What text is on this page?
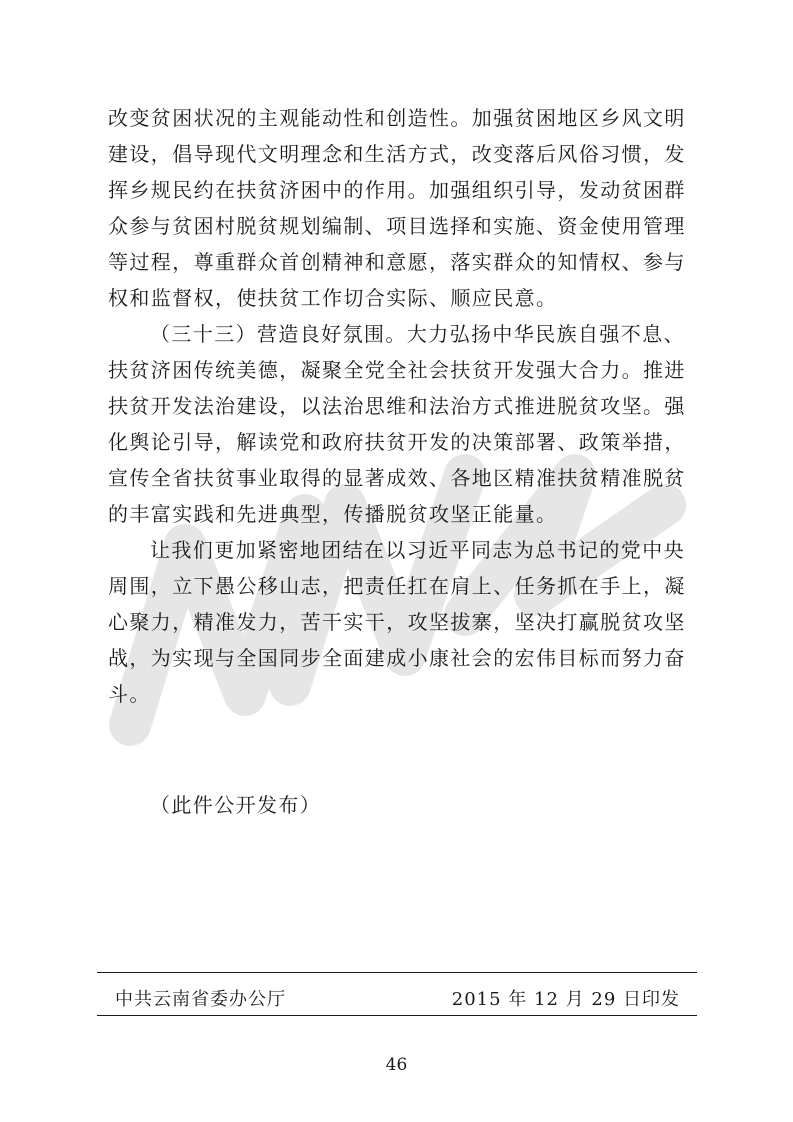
改变贫困状况的主观能动性和创造性。加强贫困地区乡风文明
建设，倡导现代文明理念和生活方式，改变落后风俗习惯，发
挥乡规民约在扶贫济困中的作用。加强组织引导，发动贫困群
众参与贫困村脱贫规划编制、项目选择和实施、资金使用管理
等过程，尊重群众首创精神和意愿，落实群众的知情权、参与
权和监督权，使扶贫工作切合实际、顺应民意。
（三十三）营造良好氛围。大力弘扬中华民族自强不息、
扶贫济困传统美德，凝聚全党全社会扶贫开发强大合力。推进
扶贫开发法治建设，以法治思维和法治方式推进脱贫攻坚。强
化舆论引导，解读党和政府扶贫开发的决策部署、政策举措，
宣传全省扶贫事业取得的显著成效、各地区精准扶贫精准脱贫
的丰富实践和先进典型，传播脱贫攻坚正能量。
让我们更加紧密地团结在以习近平同志为总书记的党中央
周围，立下愚公移山志，把责任扛在肩上、任务抓在手上，凝
心聚力，精准发力，苦干实干，攻坚拔寨，坚决打赢脱贫攻坚
战，为实现与全国同步全面建成小康社会的宏伟目标而努力奋
斗。
（此件公开发布）
中共云南省委办公厅	2015 年 12 月 29 日印发
46
